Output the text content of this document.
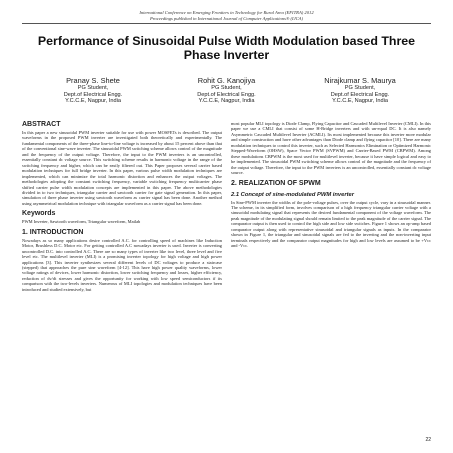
International Conference on Emerging Frontiers in Technology for Rural Area (EFITRA) 2012
Proceedings published in International Journal of Computer Applications® (IJCA)
Performance of Sinusoidal Pulse Width Modulation based Three Phase Inverter
Pranay S. Shete
PG Student,
Dept.of Electrical Engg.
Y.C.C.E, Nagpur, India
Rohit G. Kanojiya
PG Student,
Dept.of Electrical Engg.
Y.C.C.E, Nagpur, India
Nirajkumar S. Maurya
PG Student,
Dept.of Electrical Engg.
Y.C.C.E, Nagpur, India
ABSTRACT
In this paper a new sinusoidal PWM inverter suitable for use with power MOSFETs is described. The output waveforms in the proposed PWM inverter are investigated both theoretically and experimentally. The fundamental components of the three-phase line-to-line voltage is increased by about 15 percent above than that of the conventional sine-wave inverter. The sinusoidal PWM switching scheme allows control of the magnitude and the frequency of the output voltage. Therefore, the input to the PWM inverters is an uncontrolled, essentially constant dc voltage source. This switching scheme results in harmonic voltage in the range of the switching frequency and higher, which can be easily filtered out. This Paper proposes several carrier based modulation techniques for full bridge inverter. In this paper, various pulse width modulation techniques are implemented, which can minimize the total harmonic distortion and enhances the output voltages. The methodologies adopting the constant switching frequency, variable switching frequency multicarrier phase shifted carrier pulse width modulation concepts are implemented in this paper. The above methodologies divided in to two techniques, triangular carrier and sawtooth carrier for gate signal generation. In this paper, simulation of three phase inverter using sawtooth waveform as carrier signal has been done. Another method using asymmetrical modulation technique with triangular waveform as a carrier signal has been done.
Keywords
PWM Inverter, Sawtooth waveform, Triangular waveform, Matlab
1. INTRODUCTION
Nowadays as so many applications desire controlled A.C. for controlling speed of machines like Induction Motor, Brushless D.C. Motor etc. For getting controlled A.C nowadays inverter is used. Inverter is converting uncontrolled D.C. into controlled A.C. There are so many types of inverter like two level, three level and five level etc. The multilevel inverter (MLI) is a promising inverter topology for high voltage and high power applications [3]. This inverter synthesizes several different levels of DC voltages to produce a staircase (stepped) that approaches the pure sine waveform [4-12]. This have high power quality waveforms, lower voltage ratings of devices, lower harmonic distortion, lower switching frequency and losses, higher efficiency, reduction of dv/dt stresses and gives the opportunity for working with low speed semiconductors if its comparison with the two-levels inverters. Numerous of MLI topologies and modulation techniques have been introduced and studied extensively, but
most popular MLI topology is Diode Clamp, Flying Capacitor and Cascaded Multilevel Inverter (CMLI). In this paper we use a CMLI that consist of some H-Bridge inverters and with un-equal DC. It is also namely Asymmetric Cascaded Multilevel Inverter (ACMLI). Its most implemented because this inverter more modular and simple construction and have other advantages than Diode clamp and flying capacitor [10]. There are many modulation techniques to control this inverter, such as Selected Harmonics Elimination or Optimized Harmonic Stepped-Waveform (OHSW), Space Vector PWM (SVPWM) and Carrier-Based PWM (CBPWM). Among these modulations CBPWM is the most used for multilevel inverter, because it have simple logical and easy to be implemented. The sinusoidal PWM switching scheme allows control of the magnitude and the frequency of the output voltage. Therefore, the input to the PWM inverters is an uncontrolled, essentially constant dc voltage source.
2. REALIZATION OF SPWM
2.1 Concept of sine-modulated PWM inverter
In Sine-PWM inverter the widths of the pole-voltage pulses, over the output cycle, vary in a sinusoidal manner. The scheme, in its simplified form, involves comparison of a high frequency triangular carrier voltage with a sinusoidal modulating signal that represents the desired fundamental component of the voltage waveform. The peak magnitude of the modulating signal should remain limited to the peak magnitude of the carrier signal. The comparator output is then used to control the high side and low side switches. Figure 1 shows an op-amp based comparator output along with representative sinusoidal and triangular signals as inputs. In the comparator shown in Figure 1, the triangular and sinusoidal signals are fed to the inverting and the non-inverting input terminals respectively and the comparator output magnitudes for high and low levels are assumed to be +Vcc and -Vcc.
22
